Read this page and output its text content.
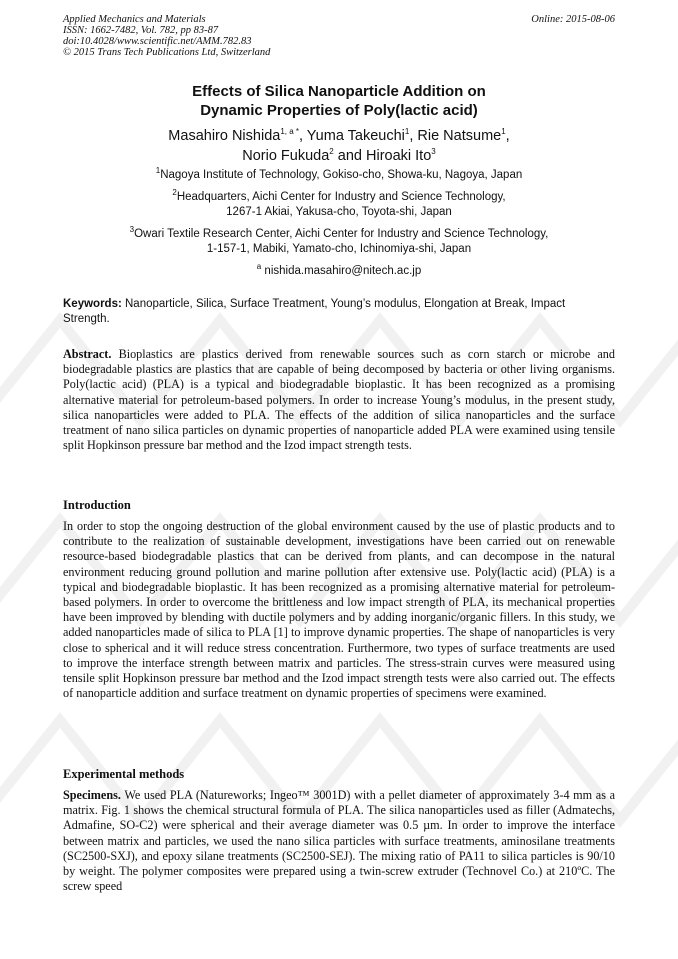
Applied Mechanics and Materials
ISSN: 1662-7482, Vol. 782, pp 83-87
doi:10.4028/www.scientific.net/AMM.782.83
© 2015 Trans Tech Publications Ltd, Switzerland
Online: 2015-08-06
Effects of Silica Nanoparticle Addition on
Dynamic Properties of Poly(lactic acid)
Masahiro Nishida$^{1, a *}$, Yuma Takeuchi$^1$, Rie Natsume$^1$,
Norio Fukuda$^2$ and Hiroaki Ito$^3$
$^1$Nagoya Institute of Technology, Gokiso-cho, Showa-ku, Nagoya, Japan
$^2$Headquarters, Aichi Center for Industry and Science Technology,
1267-1 Akiai, Yakusa-cho, Toyota-shi, Japan
$^3$Owari Textile Research Center, Aichi Center for Industry and Science Technology,
1-157-1, Mabiki, Yamato-cho, Ichinomiya-shi, Japan
$^a$ nishida.masahiro@nitech.ac.jp
Keywords: Nanoparticle, Silica, Surface Treatment, Young’s modulus, Elongation at Break, Impact Strength.
Abstract. Bioplastics are plastics derived from renewable sources such as corn starch or microbe and biodegradable plastics are plastics that are capable of being decomposed by bacteria or other living organisms. Poly(lactic acid) (PLA) is a typical and biodegradable bioplastic. It has been recognized as a promising alternative material for petroleum-based polymers. In order to increase Young’s modulus, in the present study, silica nanoparticles were added to PLA. The effects of the addition of silica nanoparticles and the surface treatment of nano silica particles on dynamic properties of nanoparticle added PLA were examined using tensile split Hopkinson pressure bar method and the Izod impact strength tests.
Introduction
In order to stop the ongoing destruction of the global environment caused by the use of plastic products and to contribute to the realization of sustainable development, investigations have been carried out on renewable resource-based biodegradable plastics that can be derived from plants, and can decompose in the natural environment reducing ground pollution and marine pollution after extensive use. Poly(lactic acid) (PLA) is a typical and biodegradable bioplastic. It has been recognized as a promising alternative material for petroleum-based polymers. In order to overcome the brittleness and low impact strength of PLA, its mechanical properties have been improved by blending with ductile polymers and by adding inorganic/organic fillers. In this study, we added nanoparticles made of silica to PLA [1] to improve dynamic properties. The shape of nanoparticles is very close to spherical and it will reduce stress concentration. Furthermore, two types of surface treatments are used to improve the interface strength between matrix and particles. The stress-strain curves were measured using tensile split Hopkinson pressure bar method and the Izod impact strength tests were also carried out. The effects of nanoparticle addition and surface treatment on dynamic properties of specimens were examined.
Experimental methods
Specimens. We used PLA (Natureworks; Ingeo™ 3001D) with a pellet diameter of approximately 3-4 mm as a matrix. Fig. 1 shows the chemical structural formula of PLA. The silica nanoparticles used as filler (Admatechs, Admafine, SO-C2) were spherical and their average diameter was 0.5 µm. In order to improve the interface between matrix and particles, we used the nano silica particles with surface treatments, aminosilane treatments (SC2500-SXJ), and epoxy silane treatments (SC2500-SEJ). The mixing ratio of PA11 to silica particles is 90/10 by weight. The polymer composites were prepared using a twin-screw extruder (Technovel Co.) at 210ºC. The screw speed
